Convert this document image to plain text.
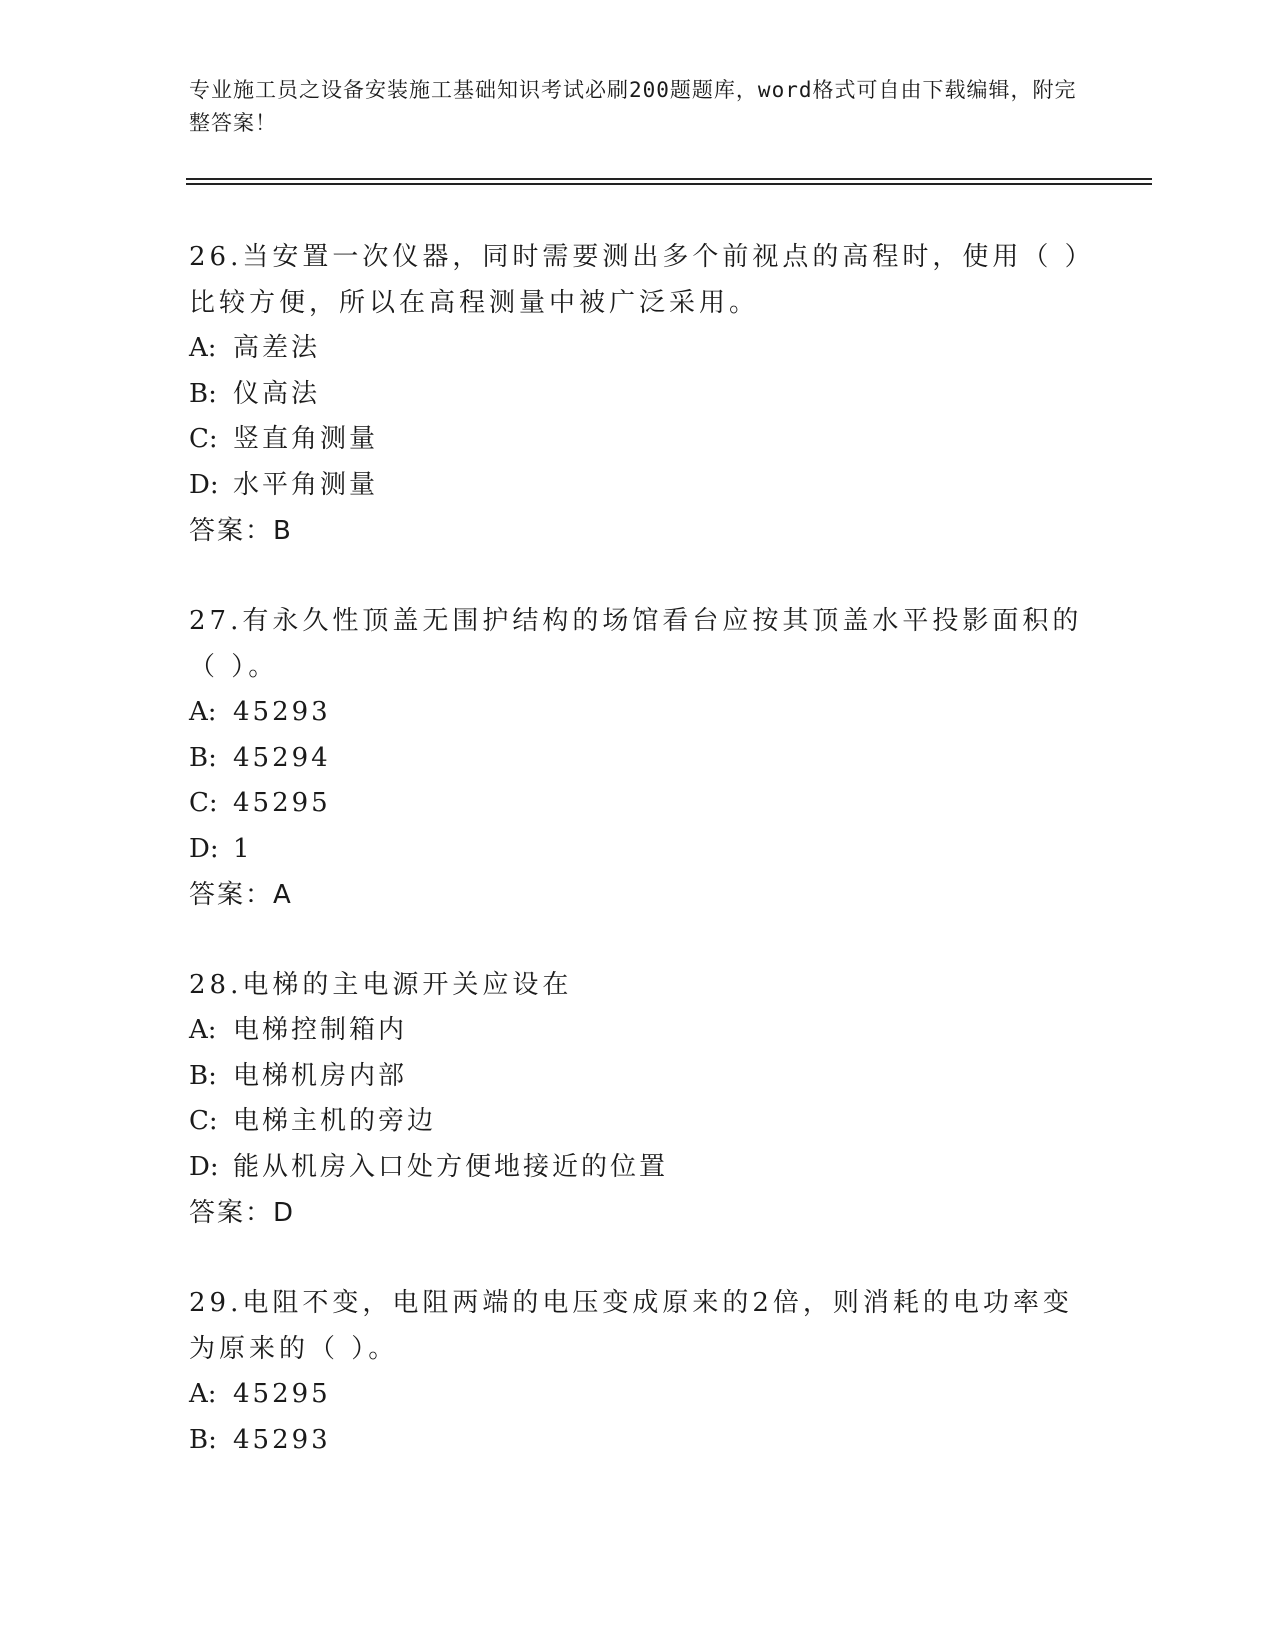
专业施工员之设备安装施工基础知识考试必刷200题题库，word格式可自由下载编辑，附完整答案！

26.当安置一次仪器，同时需要测出多个前视点的高程时，使用（ ）比较方便，所以在高程测量中被广泛采用。

A: 高差法

B: 仪高法

C: 竖直角测量

D: 水平角测量

答案：B

27.有永久性顶盖无围护结构的场馆看台应按其顶盖水平投影面积的（ ）。

A: 45293

B: 45294

C: 45295

D: 1

答案：A

28.电梯的主电源开关应设在

A: 电梯控制箱内

B: 电梯机房内部

C: 电梯主机的旁边

D: 能从机房入口处方便地接近的位置

答案：D

29.电阻不变，电阻两端的电压变成原来的2倍，则消耗的电功率变为原来的（ ）。

A: 45295

B: 45293
